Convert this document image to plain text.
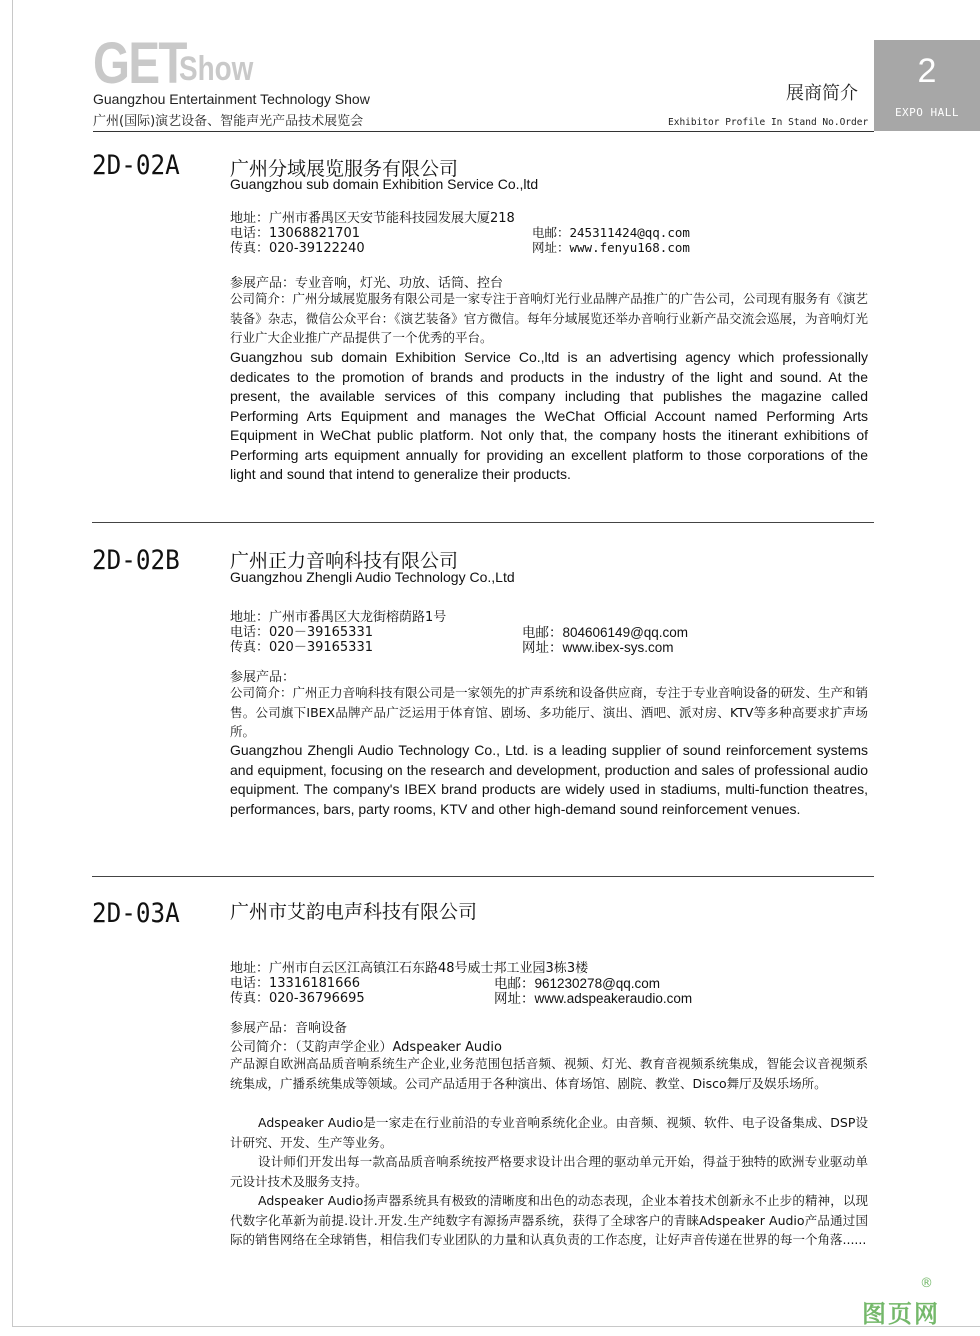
GET
Show
Guangzhou Entertainment Technology Show
广州(国际)演艺设备、智能声光产品技术展览会
展商简介
Exhibitor Profile In Stand No.Order
2
EXPO HALL
2D-02A	广州分域展览服务有限公司
Guangzhou sub domain Exhibition Service Co.,ltd
地址：广州市番禺区天安节能科技园发展大厦218
电话：13068821701
传真：020-39122240
电邮：245311424@qq.com
网址：www.fenyu168.com
参展产品：专业音响，灯光、功放、话筒、控台
公司简介：广州分域展览服务有限公司是一家专注于音响灯光行业品牌产品推广的广告公司，公司现有服务有《演艺装备》杂志，微信公众平台：《演艺装备》官方微信。每年分域展览还举办音响行业新产品交流会巡展，为音响灯光行业广大企业推广产品提供了一个优秀的平台。
Guangzhou sub domain Exhibition Service Co.,ltd is an advertising agency which professionally dedicates to the promotion of brands and products in the industry of the light and sound. At the present, the available services of this company including that publishes the magazine called Performing Arts Equipment and manages the WeChat Official Account named Performing Arts Equipment in WeChat public platform. Not only that, the company hosts the itinerant exhibitions of Performing arts equipment annually for providing an excellent platform to those corporations of the light and sound that intend to generalize their products.
2D-02B	广州正力音响科技有限公司
Guangzhou Zhengli Audio Technology Co.,Ltd
地址：广州市番禺区大龙街榕荫路1号
电话：020－39165331
传真：020－39165331
电邮：804606149@qq.com
网址：www.ibex-sys.com
参展产品：
公司简介：广州正力音响科技有限公司是一家领先的扩声系统和设备供应商，专注于专业音响设备的研发、生产和销售。公司旗下IBEX品牌产品广泛运用于体育馆、剧场、多功能厅、演出、酒吧、派对房、KTV等多种高要求扩声场所。
Guangzhou Zhengli Audio Technology Co., Ltd. is a leading supplier of sound reinforcement systems and equipment, focusing on the research and development, production and sales of professional audio equipment. The company's IBEX brand products are widely used in stadiums, multi-function theatres, performances, bars, party rooms, KTV and other high-demand sound reinforcement venues.
2D-03A	广州市艾韵电声科技有限公司
地址：广州市白云区江高镇江石东路48号威士邦工业园3栋3楼
电话：13316181666
传真：020-36796695
电邮：961230278@qq.com
网址：www.adspeakeraudio.com
参展产品：音响设备
公司简介：（艾韵声学企业）Adspeaker Audio
产品源自欧洲高品质音响系统生产企业,业务范围包括音频、视频、灯光、教育音视频系统集成，智能会议音视频系统集成，广播系统集成等领域。公司产品适用于各种演出、体育场馆、剧院、教堂、Disco舞厅及娱乐场所。
Adspeaker Audio是一家走在行业前沿的专业音响系统化企业。由音频、视频、软件、电子设备集成、DSP设计研究、开发、生产等业务。
设计师们开发出每一款高品质音响系统按严格要求设计出合理的驱动单元开始，得益于独特的欧洲专业驱动单元设计技术及服务支持。
Adspeaker Audio扬声器系统具有极致的清晰度和出色的动态表现，企业本着技术创新永不止步的精神，以现代数字化革新为前提.设计.开发.生产纯数字有源扬声器系统，获得了全球客户的青睐Adspeaker Audio产品通过国际的销售网络在全球销售，相信我们专业团队的力量和认真负责的工作态度，让好声音传递在世界的每一个角落......
®
图页网
